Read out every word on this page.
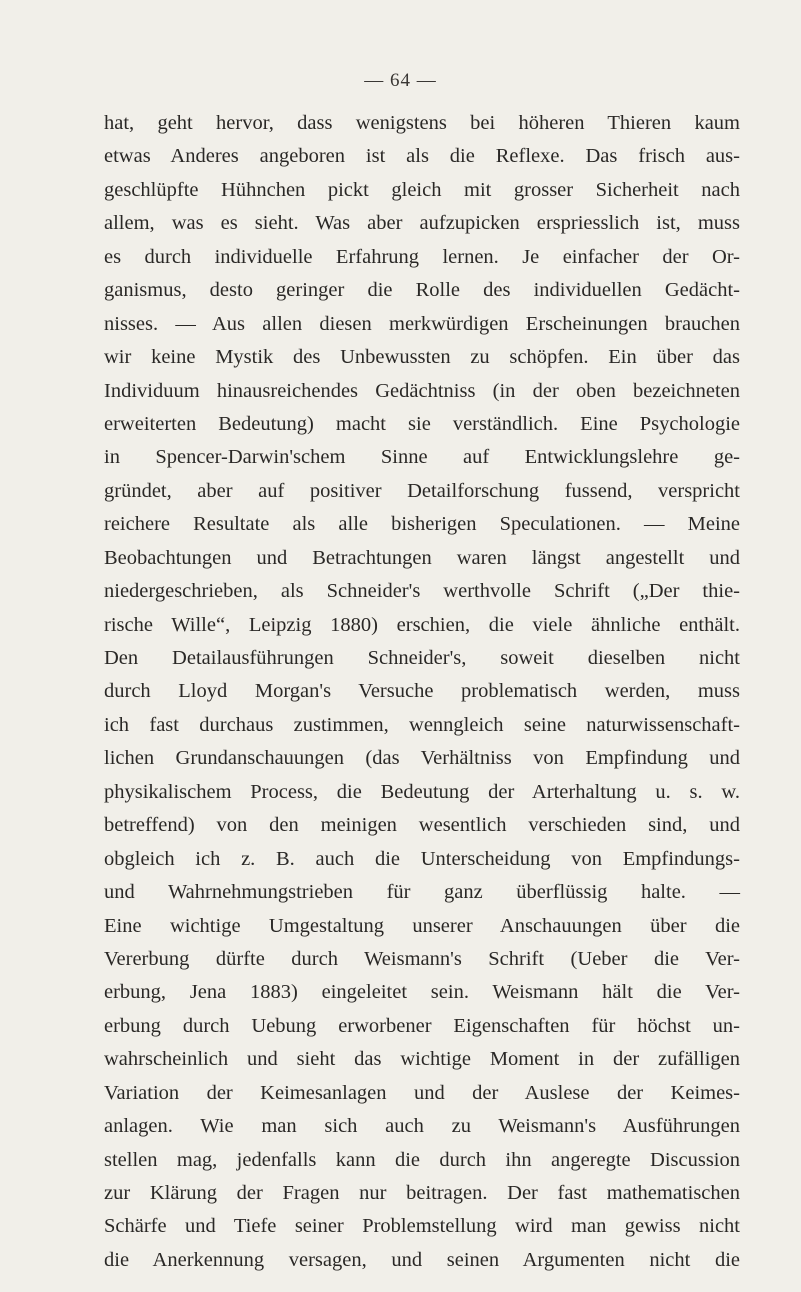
— 64 —
hat, geht hervor, dass wenigstens bei höheren Thieren kaum
etwas Anderes angeboren ist als die Reflexe. Das frisch aus-
geschlüpfte Hühnchen pickt gleich mit grosser Sicherheit nach
allem, was es sieht. Was aber aufzupicken erspriesslich ist, muss
es durch individuelle Erfahrung lernen. Je einfacher der Or-
ganismus, desto geringer die Rolle des individuellen Gedächt-
nisses. — Aus allen diesen merkwürdigen Erscheinungen brauchen
wir keine Mystik des Unbewussten zu schöpfen. Ein über das
Individuum hinausreichendes Gedächtniss (in der oben bezeichneten
erweiterten Bedeutung) macht sie verständlich. Eine Psychologie
in Spencer-Darwin'schem Sinne auf Entwicklungslehre ge-
gründet, aber auf positiver Detailforschung fussend, verspricht
reichere Resultate als alle bisherigen Speculationen. — Meine
Beobachtungen und Betrachtungen waren längst angestellt und
niedergeschrieben, als Schneider's werthvolle Schrift („Der thie-
rische Wille“, Leipzig 1880) erschien, die viele ähnliche enthält.
Den Detailausführungen Schneider's, soweit dieselben nicht
durch Lloyd Morgan's Versuche problematisch werden, muss
ich fast durchaus zustimmen, wenngleich seine naturwissenschaft-
lichen Grundanschauungen (das Verhältniss von Empfindung und
physikalischem Process, die Bedeutung der Arterhaltung u. s. w.
betreffend) von den meinigen wesentlich verschieden sind, und
obgleich ich z. B. auch die Unterscheidung von Empfindungs-
und Wahrnehmungstrieben für ganz überflüssig halte. —
Eine wichtige Umgestaltung unserer Anschauungen über die
Vererbung dürfte durch Weismann's Schrift (Ueber die Ver-
erbung, Jena 1883) eingeleitet sein. Weismann hält die Ver-
erbung durch Uebung erworbener Eigenschaften für höchst un-
wahrscheinlich und sieht das wichtige Moment in der zufälligen
Variation der Keimesanlagen und der Auslese der Keimes-
anlagen. Wie man sich auch zu Weismann's Ausführungen
stellen mag, jedenfalls kann die durch ihn angeregte Discussion
zur Klärung der Fragen nur beitragen. Der fast mathematischen
Schärfe und Tiefe seiner Problemstellung wird man gewiss nicht
die Anerkennung versagen, und seinen Argumenten nicht die
